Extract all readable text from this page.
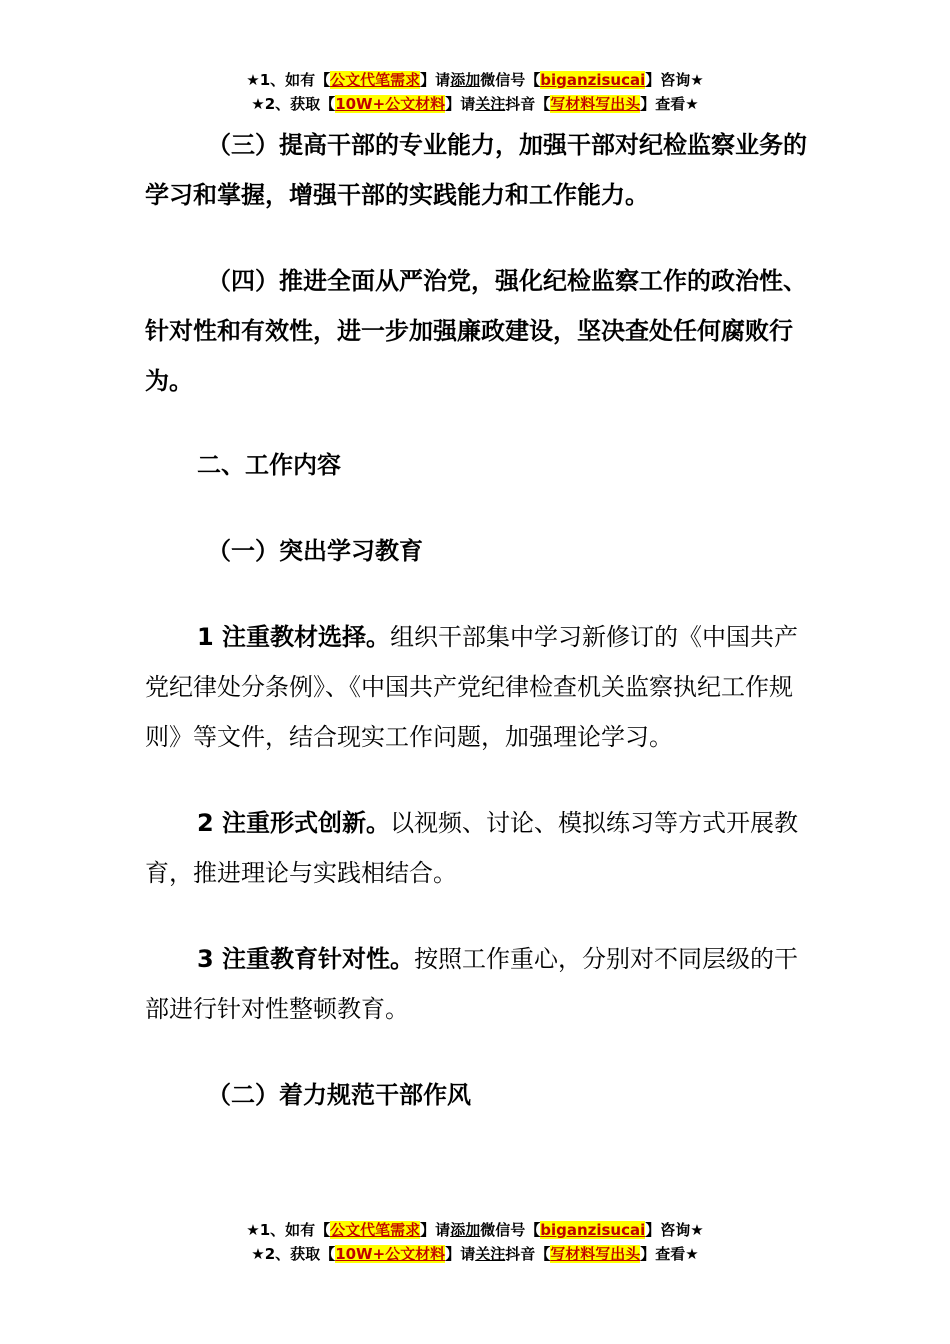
★1、如有【公文代笔需求】请添加微信号【biganzisucai】咨询★
★2、获取【10W+公文材料】请关注抖音【写材料写出头】查看★

（三）提高干部的专业能力，加强干部对纪检监察业务的学习和掌握，增强干部的实践能力和工作能力。

（四）推进全面从严治党，强化纪检监察工作的政治性、针对性和有效性，进一步加强廉政建设，坚决查处任何腐败行为。

二、工作内容

（一）突出学习教育

1 注重教材选择。组织干部集中学习新修订的《中国共产党纪律处分条例》、《中国共产党纪律检查机关监察执纪工作规则》等文件，结合现实工作问题，加强理论学习。

2 注重形式创新。以视频、讨论、模拟练习等方式开展教育，推进理论与实践相结合。

3 注重教育针对性。按照工作重心，分别对不同层级的干部进行针对性整顿教育。

（二）着力规范干部作风

★1、如有【公文代笔需求】请添加微信号【biganzisucai】咨询★
★2、获取【10W+公文材料】请关注抖音【写材料写出头】查看★
